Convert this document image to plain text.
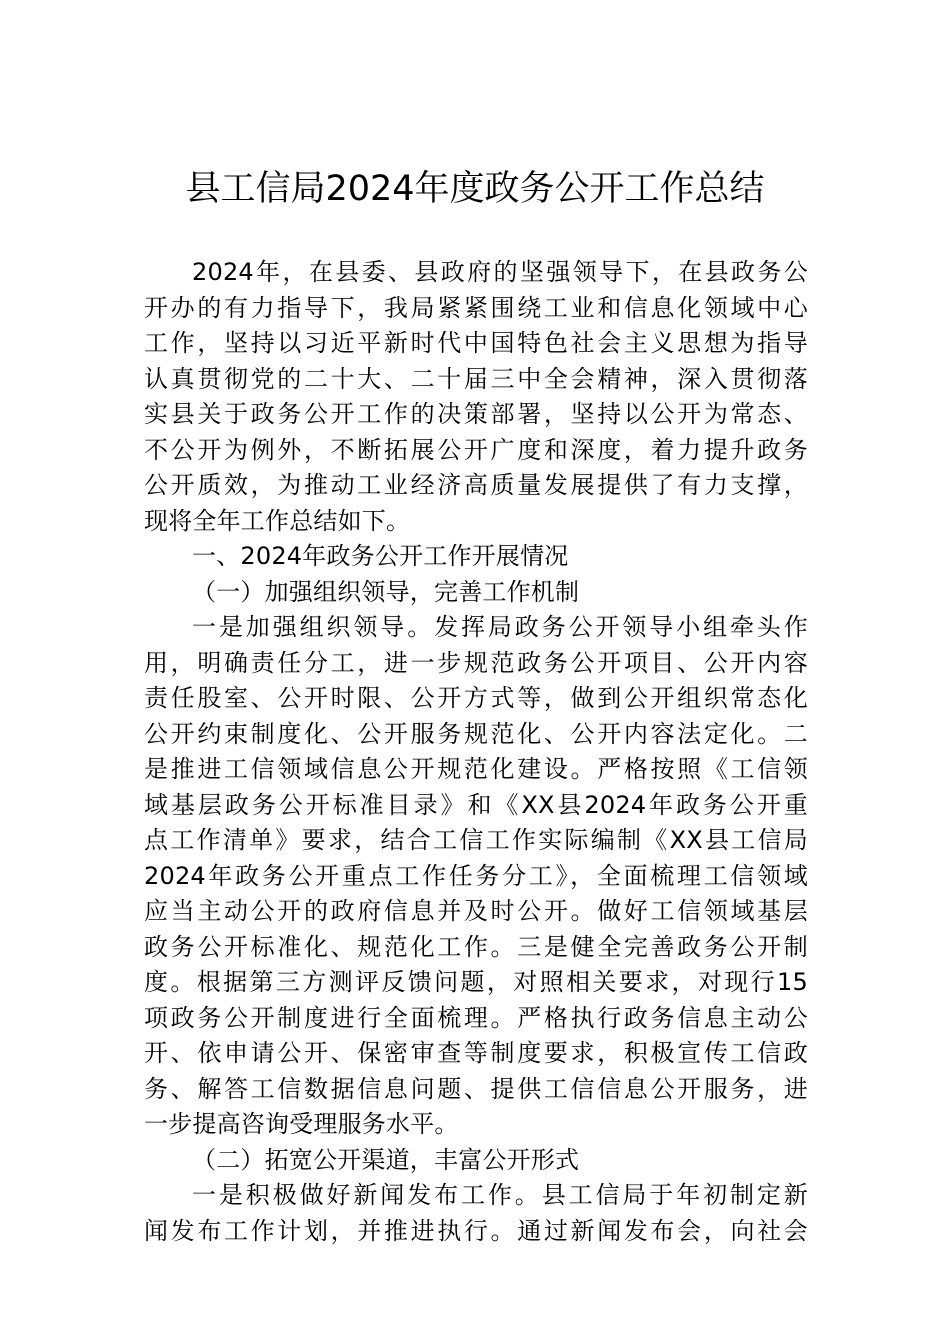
县工信局2024年度政务公开工作总结
2024年，在县委、县政府的坚强领导下，在县政务公
开办的有力指导下，我局紧紧围绕工业和信息化领域中心
工作，坚持以习近平新时代中国特色社会主义思想为指导
认真贯彻党的二十大、二十届三中全会精神，深入贯彻落
实县关于政务公开工作的决策部署，坚持以公开为常态、
不公开为例外，不断拓展公开广度和深度，着力提升政务
公开质效，为推动工业经济高质量发展提供了有力支撑，
现将全年工作总结如下。
一、2024年政务公开工作开展情况
（一）加强组织领导，完善工作机制
一是加强组织领导。发挥局政务公开领导小组牵头作
用，明确责任分工，进一步规范政务公开项目、公开内容
责任股室、公开时限、公开方式等，做到公开组织常态化
公开约束制度化、公开服务规范化、公开内容法定化。二
是推进工信领域信息公开规范化建设。严格按照《工信领
域基层政务公开标准目录》和《XX县2024年政务公开重
点工作清单》要求，结合工信工作实际编制《XX县工信局
2024年政务公开重点工作任务分工》，全面梳理工信领域
应当主动公开的政府信息并及时公开。做好工信领域基层
政务公开标准化、规范化工作。三是健全完善政务公开制
度。根据第三方测评反馈问题，对照相关要求，对现行15
项政务公开制度进行全面梳理。严格执行政务信息主动公
开、依申请公开、保密审查等制度要求，积极宣传工信政
务、解答工信数据信息问题、提供工信信息公开服务，进
一步提高咨询受理服务水平。
（二）拓宽公开渠道，丰富公开形式
一是积极做好新闻发布工作。县工信局于年初制定新
闻发布工作计划，并推进执行。通过新闻发布会，向社会
